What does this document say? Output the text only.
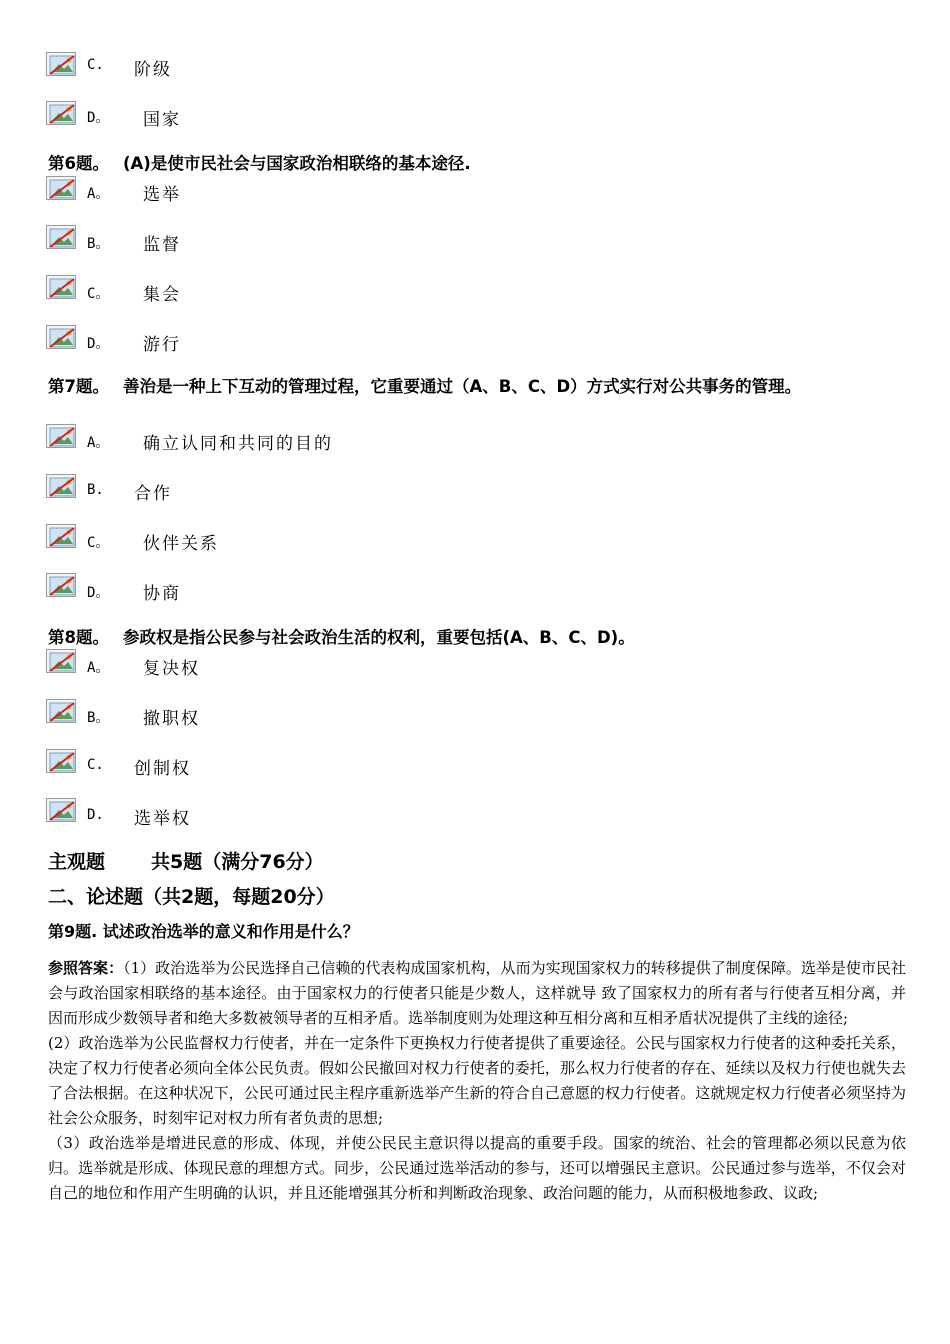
C. 阶级
D。 国家
第6题。 (A)是使市民社会与国家政治相联络的基本途径.
A。 选举
B。 监督
C。 集会
D。 游行
第7题。 善治是一种上下互动的管理过程，它重要通过（A、B、C、D）方式实行对公共事务的管理。
A。 确立认同和共同的目的
B. 合作
C。 伙伴关系
D。 协商
第8题。 参政权是指公民参与社会政治生活的权利，重要包括(A、B、C、D)。
A。 复决权
B。 撤职权
C. 创制权
D. 选举权
主观题 共5题（满分76分）
二、论述题（共2题，每题20分）
第9题. 试述政治选举的意义和作用是什么？

参照答案：（1）政治选举为公民选择自己信赖的代表构成国家机构，从而为实现国家权力的转移提供了制度保障。选举是使市民社会与政治国家相联络的基本途径。由于国家权力的行使者只能是少数人，这样就导 致了国家权力的所有者与行使者互相分离，并因而形成少数领导者和绝大多数被领导者的互相矛盾。选举制度则为处理这种互相分离和互相矛盾状况提供了主线的途径;

(2）政治选举为公民监督权力行使者，并在一定条件下更换权力行使者提供了重要途径。公民与国家权力行使者的这种委托关系，决定了权力行使者必须向全体公民负责。假如公民撤回对权力行使者的委托，那么权力行使者的存在、延续以及权力行使也就失去了合法根据。在这种状况下，公民可通过民主程序重新选举产生新的符合自己意愿的权力行使者。这就规定权力行使者必须坚持为社会公众服务，时刻牢记对权力所有者负责的思想;

（3）政治选举是增进民意的形成、体现，并使公民民主意识得以提高的重要手段。国家的统治、社会的管理都必须以民意为依归。选举就是形成、体现民意的理想方式。同步，公民通过选举活动的参与，还可以增强民主意识。公民通过参与选举，不仅会对自己的地位和作用产生明确的认识，并且还能增强其分析和判断政治现象、政治问题的能力，从而积极地参政、议政;
